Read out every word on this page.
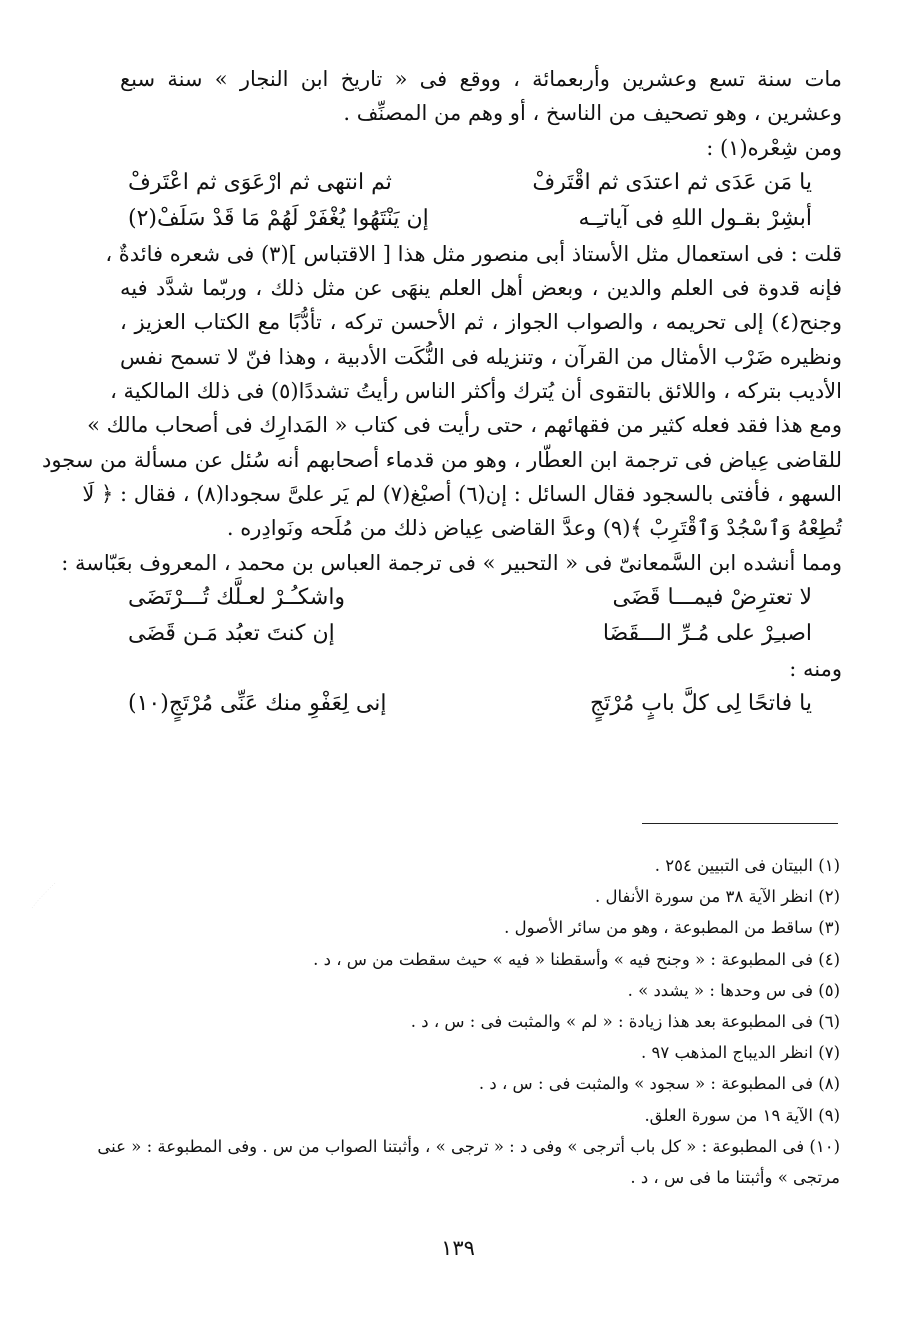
مات سنة تسع وعشرين وأربعمائة ، ووقع فى « تاريخ ابن النجار » سنة سبع
وعشرين ، وهو تصحيف من الناسخ ، أو وهم من المصنِّف .
ومن شِعْره(١) :
يا مَن عَدَى ثم اعتدَى ثم اقْتَرفْ
ثم انتهى ثم ارْعَوَى ثم اعْتَرفْ
أبشِرْ بقـول اللهِ فى آياتـِـه
إن يَنْتَهُوا يُغْفَرْ لَهُمْ مَا قَدْ سَلَفْ(٢)
قلت : فى استعمال مثل الأستاذ أبى منصور مثل هذا [ الاقتباس ](٣) فى شعره فائدةٌ ،
فإنه قدوة فى العلم والدين ، وبعض أهل العلم ينهَى عن مثل ذلك ، وربّما شدَّد فيه
وجنح(٤) إلى تحريمه ، والصواب الجواز ، ثم الأحسن تركه ، تأدُّبًا مع الكتاب العزيز ،
ونظيره ضَرْب الأمثال من القرآن ، وتنزيله فى النُّكَت الأدبية ، وهذا فنّ لا تسمح نفس
الأديب بتركه ، واللائق بالتقوى أن يُترك وأكثر الناس رأيتُ تشددًا(٥) فى ذلك المالكية ،
ومع هذا فقد فعله كثير من فقهائهم ، حتى رأيت فى كتاب « المَدارِك فى أصحاب مالك »
للقاضى عِياض فى ترجمة ابن العطّار ، وهو من قدماء أصحابهم أنه سُئل عن مسألة من سجود
السهو ، فأفتى بالسجود فقال السائل : إن(٦) أصبْغ(٧) لم يَر علىَّ سجودا(٨) ، فقال : ﴿ لَا
تُطِعْهُ وَٱسْجُدْ وَٱقْتَرِبْ ﴾(٩) وعدَّ القاضى عِياض ذلك من مُلَحه ونَوادِره .
ومما أنشده ابن السَّمعانىّ فى « التحبير » فى ترجمة العباس بن محمد ، المعروف بعَبّاسة :
لا تعترِضْ فيمـــا قَضَى
واشكـُـرْ لعـلَّك تُـــرْتَضَى
اصبـِرْ على مُـرِّ الـــقَضَا
إن كنتَ تعبُد مَـن قَضَى
ومنه :
يا فاتحًا لِى كلَّ بابٍ مُرْتَجٍ
إنى لِعَفْوِ منك عَنِّى مُرْتَجٍ(١٠)
(١) البيتان فى التبيين ٢٥٤ .
(٢) انظر الآية ٣٨ من سورة الأنفال .
(٣) ساقط من المطبوعة ، وهو من سائر الأصول .
(٤) فى المطبوعة : « وجنح فيه » وأسقطنا « فيه » حيث سقطت من س ، د .
(٥) فى س وحدها : « يشدد » .
(٦) فى المطبوعة بعد هذا زيادة : « لم » والمثبت فى : س ، د .
(٧) انظر الديباج المذهب ٩٧ .
(٨) فى المطبوعة : « سجود » والمثبت فى : س ، د .
(٩) الآية ١٩ من سورة العلق.
(١٠) فى المطبوعة : « كل باب أترجى » وفى د : « ترجى » ، وأثبتنا الصواب من س . وفى المطبوعة : « عنى
مرتجى » وأثبتنا ما فى س ، د .
١٣٩
